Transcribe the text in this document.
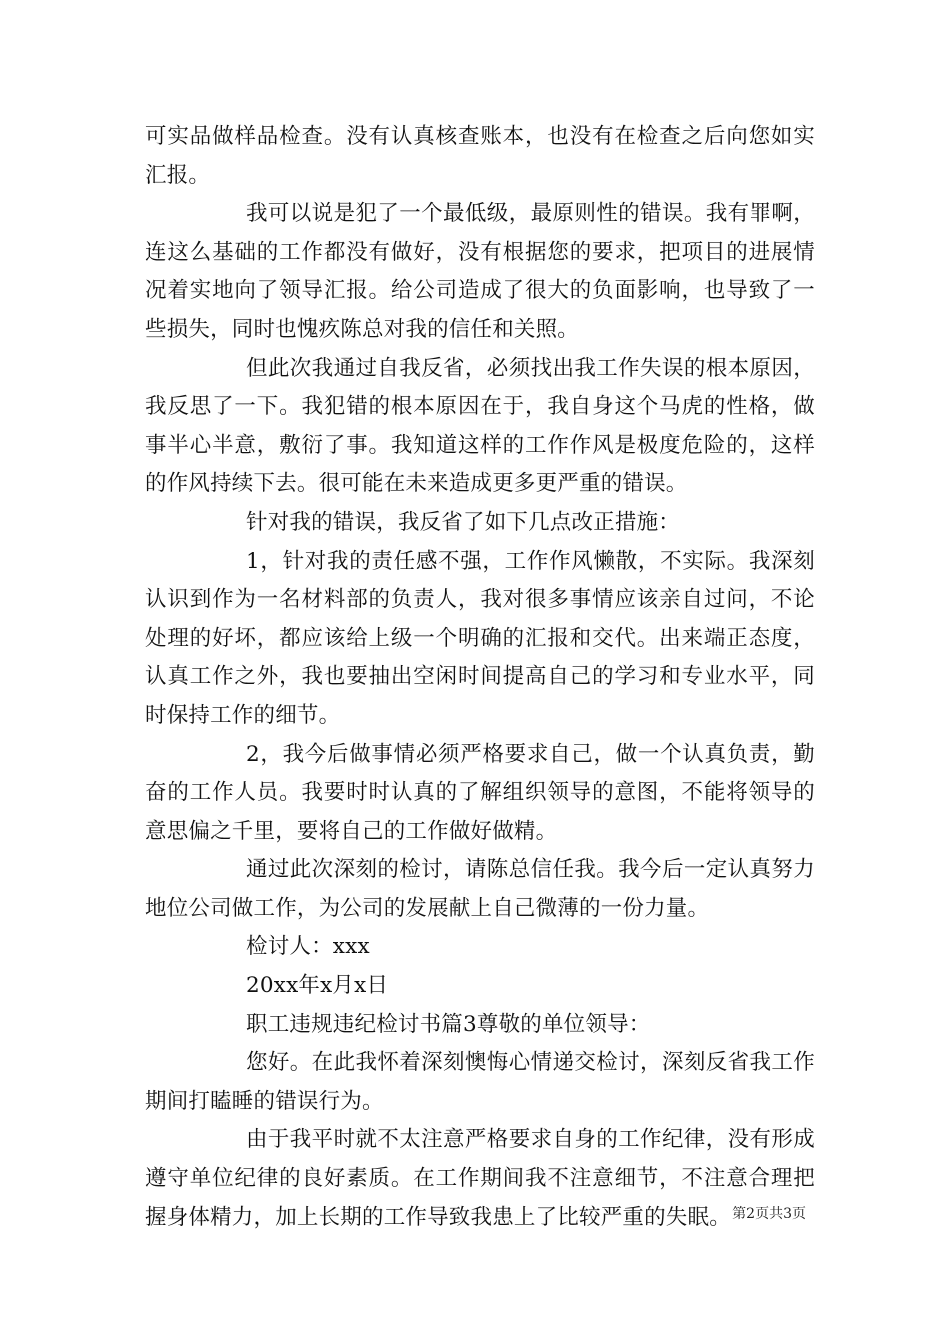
可实品做样品检查。没有认真核查账本，也没有在检查之后向您如实汇报。

我可以说是犯了一个最低级，最原则性的错误。我有罪啊，连这么基础的工作都没有做好，没有根据您的要求，把项目的进展情况着实地向了领导汇报。给公司造成了很大的负面影响，也导致了一些损失，同时也愧疚陈总对我的信任和关照。

但此次我通过自我反省，必须找出我工作失误的根本原因，我反思了一下。我犯错的根本原因在于，我自身这个马虎的性格，做事半心半意，敷衍了事。我知道这样的工作作风是极度危险的，这样的作风持续下去。很可能在未来造成更多更严重的错误。

针对我的错误，我反省了如下几点改正措施：

1，针对我的责任感不强，工作作风懒散，不实际。我深刻认识到作为一名材料部的负责人，我对很多事情应该亲自过问，不论处理的好坏，都应该给上级一个明确的汇报和交代。出来端正态度，认真工作之外，我也要抽出空闲时间提高自己的学习和专业水平，同时保持工作的细节。

2，我今后做事情必须严格要求自己，做一个认真负责，勤奋的工作人员。我要时时认真的了解组织领导的意图，不能将领导的意思偏之千里，要将自己的工作做好做精。

通过此次深刻的检讨，请陈总信任我。我今后一定认真努力地位公司做工作，为公司的发展献上自己微薄的一份力量。

检讨人：xxx

20xx年x月x日

职工违规违纪检讨书篇3尊敬的单位领导：

您好。在此我怀着深刻懊悔心情递交检讨，深刻反省我工作期间打瞌睡的错误行为。

由于我平时就不太注意严格要求自身的工作纪律，没有形成遵守单位纪律的良好素质。在工作期间我不注意细节，不注意合理把握身体精力，加上长期的工作导致我患上了比较严重的失眠。 第2页共3页
